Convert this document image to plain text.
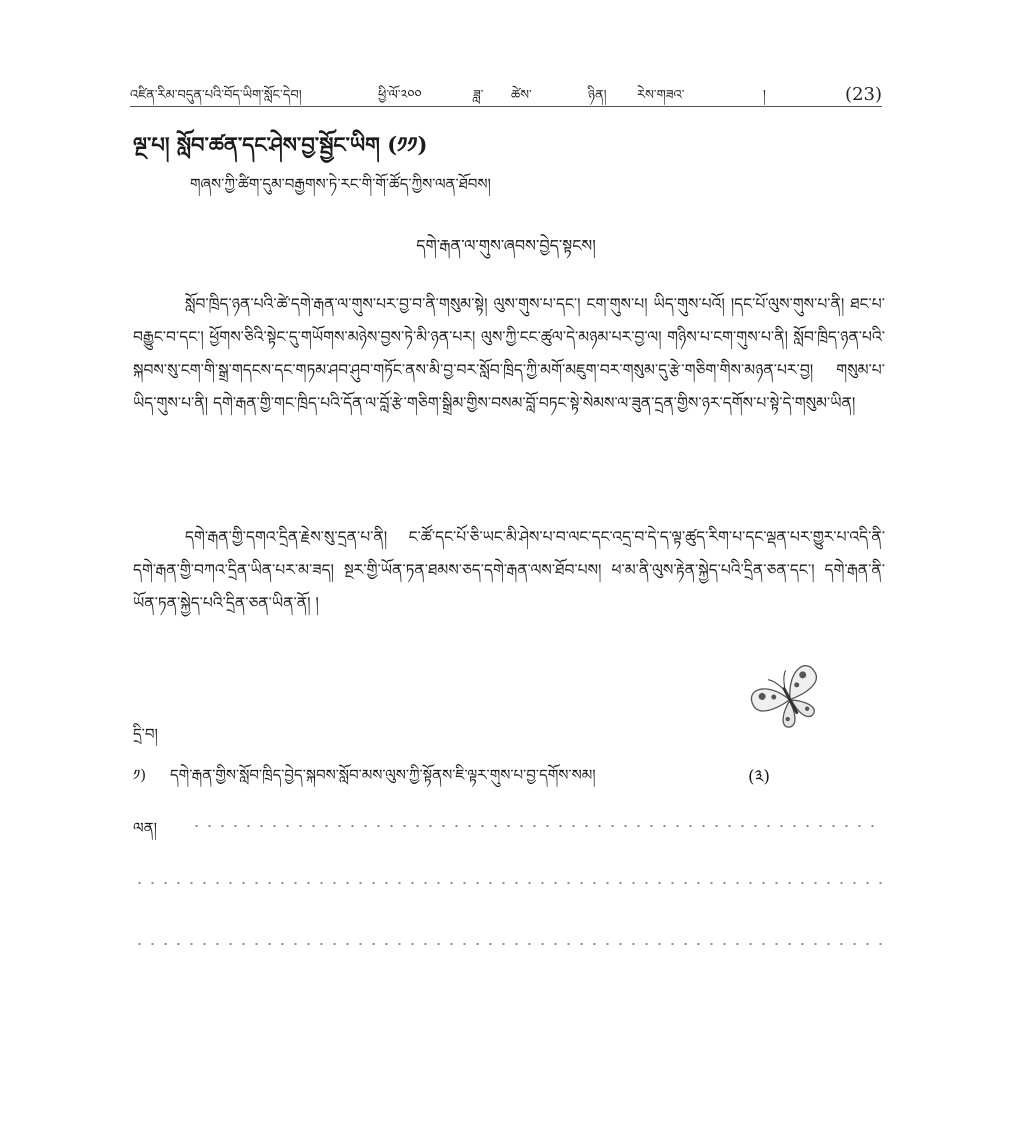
འཛིན་རིམ་བདུན་པའི་བོད་ཡིག་སློང་དེབ།	ཕྱི་ལོ་༢༠༠	ཟླ་ ཚེས་	ཉིན། རེས་གཟའ་	།	(23)
ལྔ་པ། སློབ་ཚན་དང་ཤེས་བྱ་སྦྱོང་ཡིག (༡༡)
གཞས་ཀྱི་ཚིག་དུམ་བརྒྱགས་ཏེ་རང་གི་གོ་ཚོད་ཀྱིས་ལན་ཐོབས།
དགེ་རྒན་ལ་གུས་ཞབས་བྱེད་སྟངས།
སློབ་ཁྲིད་ཉན་པའི་ཚེ་དགེ་རྒན་ལ་གུས་པར་བྱ་བ་ནི་གསུམ་སྟེ། ལུས་གུས་པ་དང་། ངག་གུས་པ། ཡིད་གུས་པའོ། །དང་པོ་ལུས་གུས་པ་ནི། ཐང་པ་བརྒྱུང་བ་དང་། ཕྱོགས་ཅིའི་སྟེང་དུ་གཡོགས་མཉེས་བྱས་ཏེ་མི་ཉན་པར། ལུས་ཀྱི་ངང་ཚུལ་དེ་མཉམ་པར་བྱ་ལ། གཉིས་པ་ངག་གུས་པ་ནི། སློབ་ཁྲིད་ཉན་པའི་སྐབས་སུ་ངག་གི་སྒྲ་གདངས་དང་གཏམ་ཤབ་ཤུབ་གཏོང་ནས་མི་བྱ་བར་སློབ་ཁྲིད་ཀྱི་མགོ་མཇུག་བར་གསུམ་དུ་རྩེ་གཅིག་གིས་མཉན་པར་བྱ། གསུམ་པ་ཡིད་གུས་པ་ནི། དགེ་རྒན་གྱི་གང་ཁྲིད་པའི་དོན་ལ་བློ་རྩེ་གཅིག་སྒྲིམ་གྱིས་བསམ་བློ་བཏང་སྟེ་སེམས་ལ་ཟུན་དྲན་གྱིས་ཉར་དགོས་པ་སྟེ་དེ་གསུམ་ཡིན།
དགེ་རྒན་གྱི་དགའ་དྲིན་རྗེས་སུ་དྲན་པ་ནི། ང་ཚོ་དང་པོ་ཅི་ཡང་མི་ཤེས་པ་བ་ལང་དང་འདྲ་བ་དེ་ད་ལྟ་ཚུད་རིག་པ་དང་ལྡན་པར་གྱུར་པ་འདི་ནི་དགེ་རྒན་གྱི་བཀའ་དྲིན་ཡིན་པར་མ་ཟད། སྔར་གྱི་ཡོན་ཏན་ཐམས་ཅད་དགེ་རྒན་ལས་ཐོབ་པས། ཕ་མ་ནི་ལུས་རྟེན་སྐྱེད་པའི་དྲིན་ཅན་དང་། དགེ་རྒན་ནི་ཡོན་ཏན་སྐྱེད་པའི་དྲིན་ཅན་ཡིན་ནོ། །
དྲི་བ།
༡) དགེ་རྒན་གྱིས་སློབ་ཁྲིད་བྱེད་སྐབས་སློབ་མས་ལུས་ཀྱི་སྟོནས་ཇི་ལྟར་གུས་པ་བྱ་དགོས་སམ།	(༣)
ལན།
